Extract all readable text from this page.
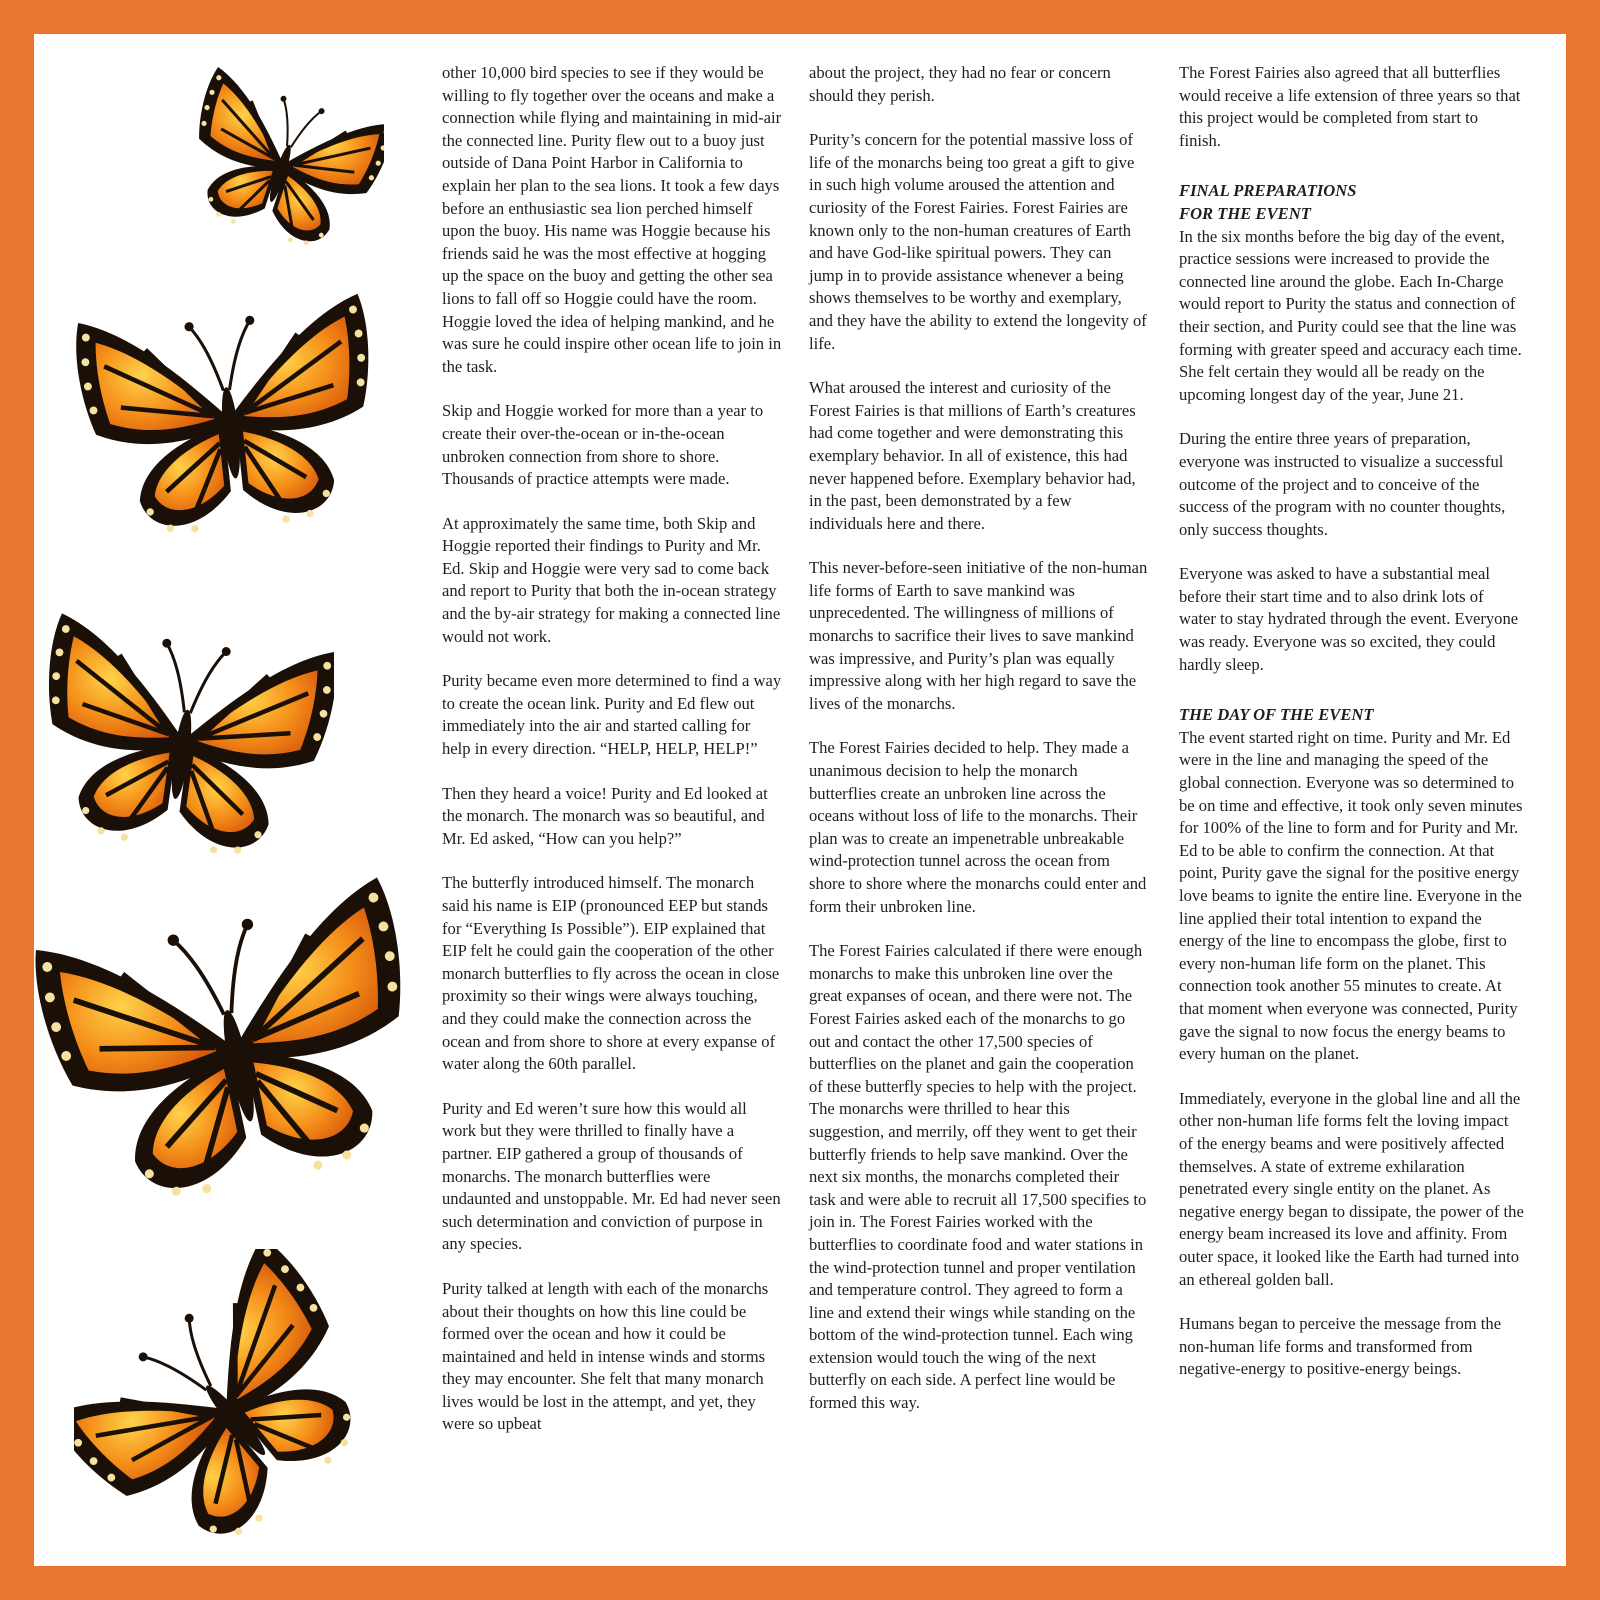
other 10,000 bird species to see if they would be willing to fly together over the oceans and make a connection while flying and maintaining in mid-air the connected line. Purity flew out to a buoy just outside of Dana Point Harbor in California to explain her plan to the sea lions. It took a few days before an enthusiastic sea lion perched himself upon the buoy. His name was Hoggie because his friends said he was the most effective at hogging up the space on the buoy and getting the other sea lions to fall off so Hoggie could have the room. Hoggie loved the idea of helping mankind, and he was sure he could inspire other ocean life to join in the task.

Skip and Hoggie worked for more than a year to create their over-the-ocean or in-the-ocean unbroken connection from shore to shore. Thousands of practice attempts were made.

At approximately the same time, both Skip and Hoggie reported their findings to Purity and Mr. Ed. Skip and Hoggie were very sad to come back and report to Purity that both the in-ocean strategy and the by-air strategy for making a connected line would not work.

Purity became even more determined to find a way to create the ocean link. Purity and Ed flew out immediately into the air and started calling for help in every direction. “HELP, HELP, HELP!”

Then they heard a voice! Purity and Ed looked at the monarch. The monarch was so beautiful, and Mr. Ed asked, “How can you help?”

The butterfly introduced himself. The monarch said his name is EIP (pronounced EEP but stands for “Everything Is Possible”). EIP explained that EIP felt he could gain the cooperation of the other monarch butterflies to fly across the ocean in close proximity so their wings were always touching, and they could make the connection across the ocean and from shore to shore at every expanse of water along the 60th parallel.

Purity and Ed weren’t sure how this would all work but they were thrilled to finally have a partner. EIP gathered a group of thousands of monarchs. The monarch butterflies were undaunted and unstoppable. Mr. Ed had never seen such determination and conviction of purpose in any species.

Purity talked at length with each of the monarchs about their thoughts on how this line could be formed over the ocean and how it could be maintained and held in intense winds and storms they may encounter. She felt that many monarch lives would be lost in the attempt, and yet, they were so upbeat

about the project, they had no fear or concern should they perish.

Purity’s concern for the potential massive loss of life of the monarchs being too great a gift to give in such high volume aroused the attention and curiosity of the Forest Fairies. Forest Fairies are known only to the non-human creatures of Earth and have God-like spiritual powers. They can jump in to provide assistance whenever a being shows themselves to be worthy and exemplary, and they have the ability to extend the longevity of life.

What aroused the interest and curiosity of the Forest Fairies is that millions of Earth’s creatures had come together and were demonstrating this exemplary behavior. In all of existence, this had never happened before. Exemplary behavior had, in the past, been demonstrated by a few individuals here and there.

This never-before-seen initiative of the non-human life forms of Earth to save mankind was unprecedented. The willingness of millions of monarchs to sacrifice their lives to save mankind was impressive, and Purity’s plan was equally impressive along with her high regard to save the lives of the monarchs.

The Forest Fairies decided to help. They made a unanimous decision to help the monarch butterflies create an unbroken line across the oceans without loss of life to the monarchs. Their plan was to create an impenetrable unbreakable wind-protection tunnel across the ocean from shore to shore where the monarchs could enter and form their unbroken line.

The Forest Fairies calculated if there were enough monarchs to make this unbroken line over the great expanses of ocean, and there were not. The Forest Fairies asked each of the monarchs to go out and contact the other 17,500 species of butterflies on the planet and gain the cooperation of these butterfly species to help with the project. The monarchs were thrilled to hear this suggestion, and merrily, off they went to get their butterfly friends to help save mankind. Over the next six months, the monarchs completed their task and were able to recruit all 17,500 specifies to join in. The Forest Fairies worked with the butterflies to coordinate food and water stations in the wind-protection tunnel and proper ventilation and temperature control. They agreed to form a line and extend their wings while standing on the bottom of the wind-protection tunnel. Each wing extension would touch the wing of the next butterfly on each side. A perfect line would be formed this way.

The Forest Fairies also agreed that all butterflies would receive a life extension of three years so that this project would be completed from start to finish.

FINAL PREPARATIONS
FOR THE EVENT

In the six months before the big day of the event, practice sessions were increased to provide the connected line around the globe. Each In-Charge would report to Purity the status and connection of their section, and Purity could see that the line was forming with greater speed and accuracy each time. She felt certain they would all be ready on the upcoming longest day of the year, June 21.

During the entire three years of preparation, everyone was instructed to visualize a successful outcome of the project and to conceive of the success of the program with no counter thoughts, only success thoughts.

Everyone was asked to have a substantial meal before their start time and to also drink lots of water to stay hydrated through the event. Everyone was ready. Everyone was so excited, they could hardly sleep.

THE DAY OF THE EVENT

The event started right on time. Purity and Mr. Ed were in the line and managing the speed of the global connection. Everyone was so determined to be on time and effective, it took only seven minutes for 100% of the line to form and for Purity and Mr. Ed to be able to confirm the connection. At that point, Purity gave the signal for the positive energy love beams to ignite the entire line. Everyone in the line applied their total intention to expand the energy of the line to encompass the globe, first to every non-human life form on the planet. This connection took another 55 minutes to create. At that moment when everyone was connected, Purity gave the signal to now focus the energy beams to every human on the planet.

Immediately, everyone in the global line and all the other non-human life forms felt the loving impact of the energy beams and were positively affected themselves. A state of extreme exhilaration penetrated every single entity on the planet. As negative energy began to dissipate, the power of the energy beam increased its love and affinity. From outer space, it looked like the Earth had turned into an ethereal golden ball.

Humans began to perceive the message from the non-human life forms and transformed from negative-energy to positive-energy beings.
